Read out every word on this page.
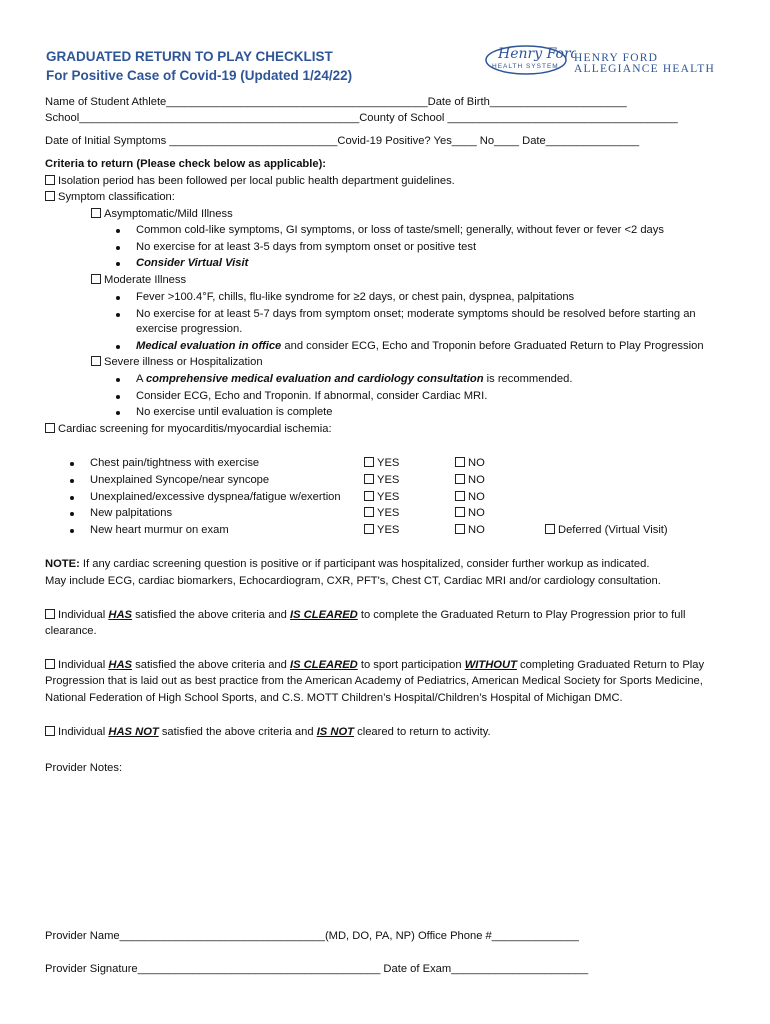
GRADUATED RETURN TO PLAY CHECKLIST
For Positive Case of Covid-19 (Updated 1/24/22)
Henry Ford
HEALTH SYSTEM
HENRY FORD
ALLEGIANCE HEALTH
Name of Student Athlete__________________________________________Date of Birth______________________
School_____________________________________________County of School _____________________________________
Date of Initial Symptoms ___________________________Covid-19 Positive? Yes____ No____ Date_______________
Criteria to return (Please check below as applicable):
Isolation period has been followed per local public health department guidelines.
Symptom classification:
Asymptomatic/Mild Illness
Common cold-like symptoms, GI symptoms, or loss of taste/smell; generally, without fever or fever <2 days
No exercise for at least 3-5 days from symptom onset or positive test
Consider Virtual Visit
Moderate Illness
Fever >100.4°F, chills, flu-like syndrome for ≥2 days, or chest pain, dyspnea, palpitations
No exercise for at least 5-7 days from symptom onset; moderate symptoms should be resolved before starting an
exercise progression.
Medical evaluation in office and consider ECG, Echo and Troponin before Graduated Return to Play Progression
Severe illness or Hospitalization
A comprehensive medical evaluation and cardiology consultation is recommended.
Consider ECG, Echo and Troponin. If abnormal, consider Cardiac MRI.
No exercise until evaluation is complete
Cardiac screening for myocarditis/myocardial ischemia:
Chest pain/tightness with exercise	YES	NO
Unexplained Syncope/near syncope	YES	NO
Unexplained/excessive dyspnea/fatigue w/exertion	YES	NO
New palpitations	YES	NO
New heart murmur on exam	YES	NO	Deferred (Virtual Visit)
NOTE: If any cardiac screening question is positive or if participant was hospitalized, consider further workup as indicated.
May include ECG, cardiac biomarkers, Echocardiogram, CXR, PFT's, Chest CT, Cardiac MRI and/or cardiology consultation.
Individual HAS satisfied the above criteria and IS CLEARED to complete the Graduated Return to Play Progression prior to full
clearance.
Individual HAS satisfied the above criteria and IS CLEARED to sport participation WITHOUT completing Graduated Return to Play
Progression that is laid out as best practice from the American Academy of Pediatrics, American Medical Society for Sports Medicine,
National Federation of High School Sports, and C.S. MOTT Children’s Hospital/Children’s Hospital of Michigan DMC.
Individual HAS NOT satisfied the above criteria and IS NOT cleared to return to activity.
Provider Notes:
Provider Name_________________________________(MD, DO, PA, NP) Office Phone #______________
Provider Signature_______________________________________ Date of Exam______________________
